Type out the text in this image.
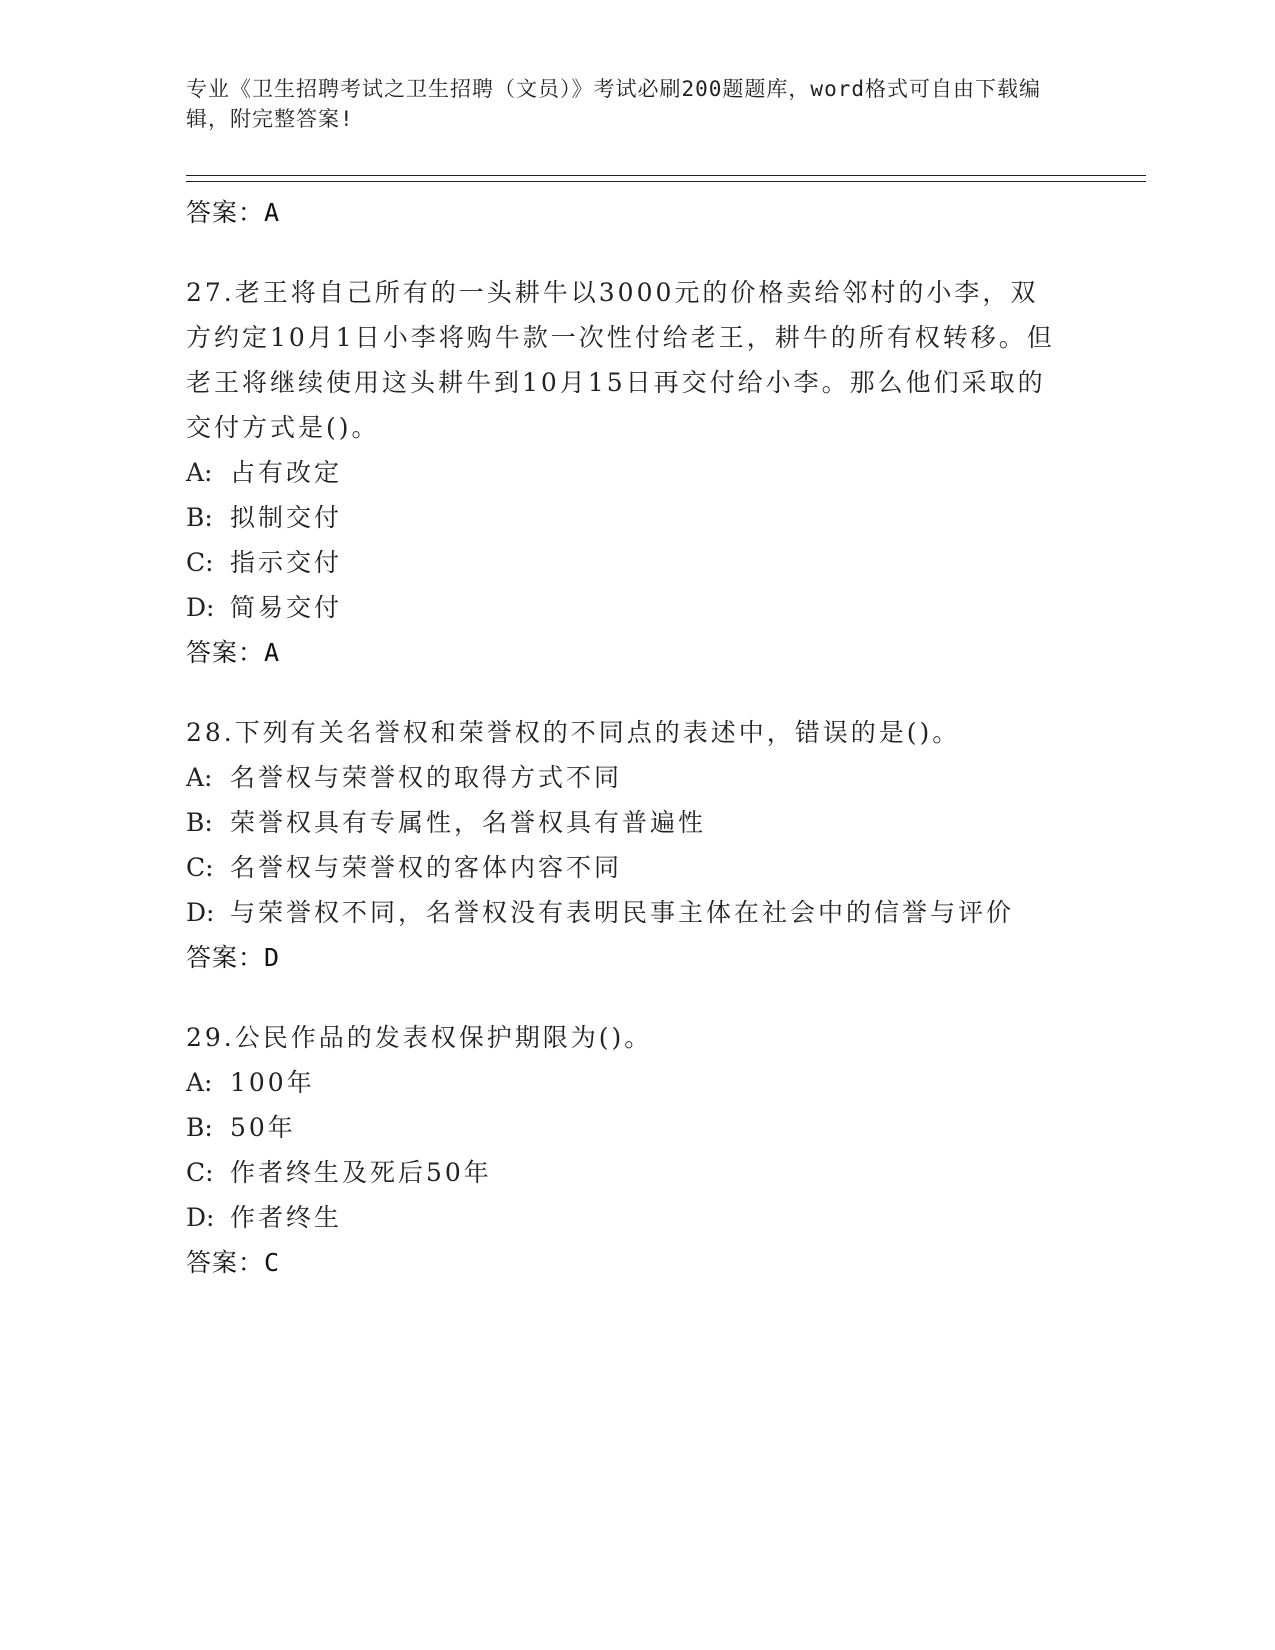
专业《卫生招聘考试之卫生招聘（文员）》考试必刷200题题库，word格式可自由下载编辑，附完整答案!
答案：A
27.老王将自己所有的一头耕牛以3000元的价格卖给邻村的小李，双方约定10月1日小李将购牛款一次性付给老王，耕牛的所有权转移。但老王将继续使用这头耕牛到10月15日再交付给小李。那么他们采取的交付方式是()。
A: 占有改定
B: 拟制交付
C: 指示交付
D: 简易交付
答案：A
28.下列有关名誉权和荣誉权的不同点的表述中，错误的是()。
A: 名誉权与荣誉权的取得方式不同
B: 荣誉权具有专属性，名誉权具有普遍性
C: 名誉权与荣誉权的客体内容不同
D: 与荣誉权不同，名誉权没有表明民事主体在社会中的信誉与评价
答案：D
29.公民作品的发表权保护期限为()。
A: 100年
B: 50年
C: 作者终生及死后50年
D: 作者终生
答案：C
